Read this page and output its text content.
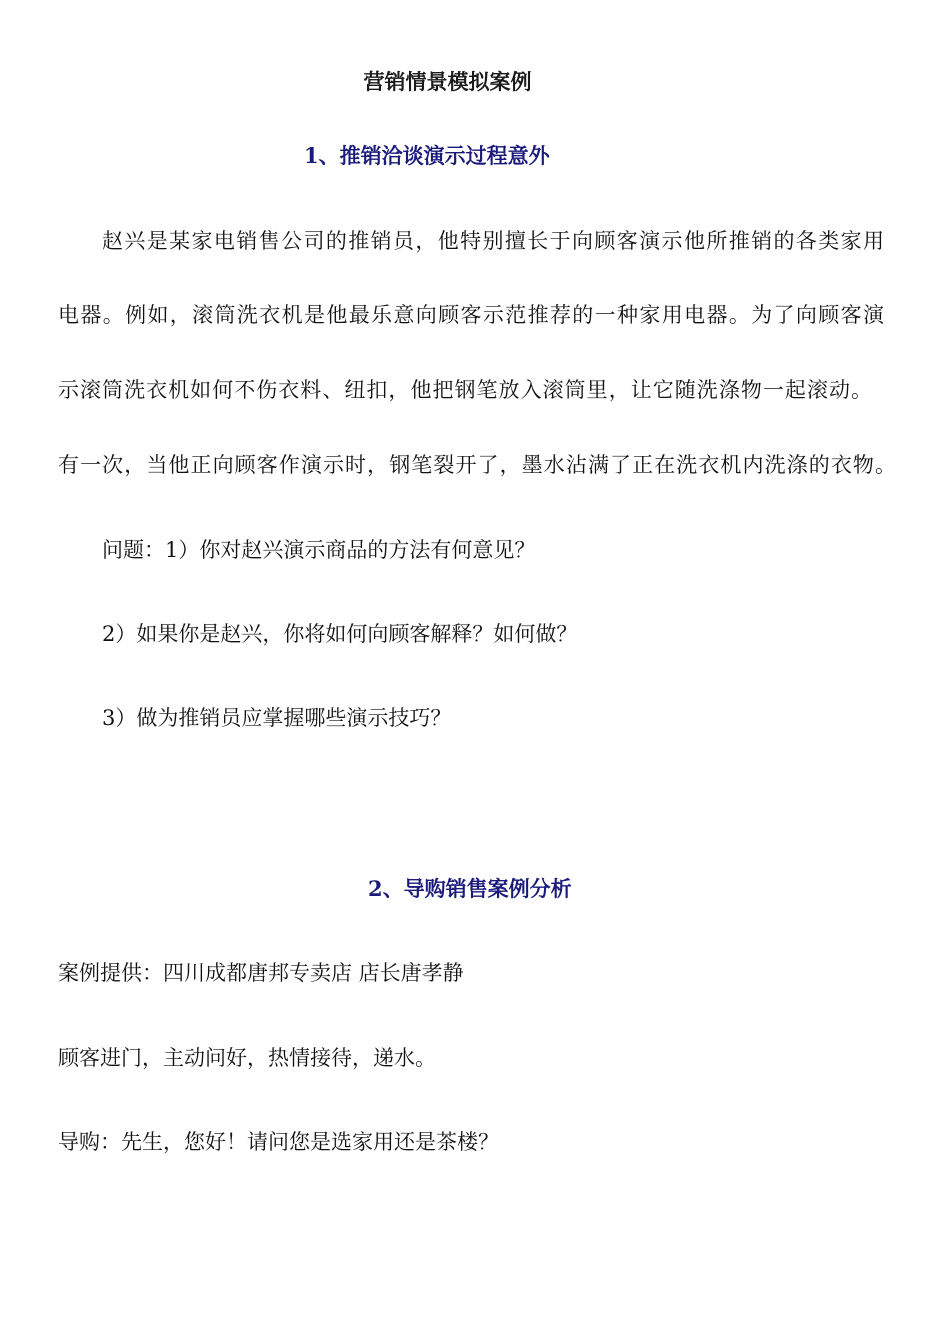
营销情景模拟案例

1、推销洽谈演示过程意外

赵兴是某家电销售公司的推销员，他特别擅长于向顾客演示他所推销的各类家用

电器。例如，滚筒洗衣机是他最乐意向顾客示范推荐的一种家用电器。为了向顾客演

示滚筒洗衣机如何不伤衣料、纽扣，他把钢笔放入滚筒里，让它随洗涤物一起滚动。

有一次，当他正向顾客作演示时，钢笔裂开了，墨水沾满了正在洗衣机内洗涤的衣物。

问题：1）你对赵兴演示商品的方法有何意见？

2）如果你是赵兴，你将如何向顾客解释？如何做？

3）做为推销员应掌握哪些演示技巧？

2、导购销售案例分析

案例提供：四川成都唐邦专卖店 店长唐孝静

顾客进门，主动问好，热情接待，递水。

导购：先生，您好！请问您是选家用还是茶楼？
